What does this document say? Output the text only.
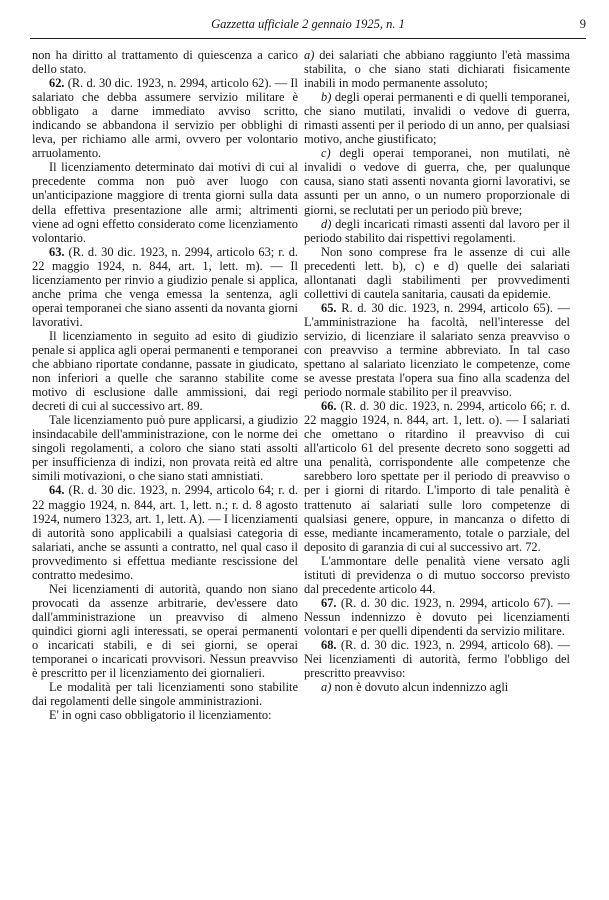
Gazzetta ufficiale 2 gennaio 1925, n. 1	9

non ha diritto al trattamento di quiescenza a carico dello stato.

62. (R. d. 30 dic. 1923, n. 2994, articolo 62). — Il salariato che debba assumere servizio militare è obbligato a darne immediato avviso scritto, indicando se abbandona il servizio per obblighi di leva, per richiamo alle armi, ovvero per volontario arruolamento.

Il licenziamento determinato dai motivi di cui al precedente comma non può aver luogo con un'anticipazione maggiore di trenta giorni sulla data della effettiva presentazione alle armi; altrimenti viene ad ogni effetto considerato come licenziamento volontario.

63. (R. d. 30 dic. 1923, n. 2994, articolo 63; r. d. 22 maggio 1924, n. 844, art. 1, lett. m). — Il licenziamento per rinvio a giudizio penale si applica, anche prima che venga emessa la sentenza, agli operai temporanei che siano assenti da novanta giorni lavorativi.

Il licenziamento in seguito ad esito di giudizio penale si applica agli operai permanenti e temporanei che abbiano riportate condanne, passate in giudicato, non inferiori a quelle che saranno stabilite come motivo di esclusione dalle ammissioni, dai regi decreti di cui al successivo art. 89.

Tale licenziamento può pure applicarsi, a giudizio insindacabile dell'amministrazione, con le norme dei singoli regolamenti, a coloro che siano stati assolti per insufficienza di indizi, non provata reità ed altre simili motivazioni, o che siano stati amnistiati.

64. (R. d. 30 dic. 1923, n. 2994, articolo 64; r. d. 22 maggio 1924, n. 844, art. 1, lett. n.; r. d. 8 agosto 1924, numero 1323, art. 1, lett. A). — I licenziamenti di autorità sono applicabili a qualsiasi categoria di salariati, anche se assunti a contratto, nel qual caso il provvedimento si effettua mediante rescissione del contratto medesimo.

Nei licenziamenti di autorità, quando non siano provocati da assenze arbitrarie, dev'essere dato dall'amministrazione un preavviso di almeno quindici giorni agli interessati, se operai permanenti o incaricati stabili, e di sei giorni, se operai temporanei o incaricati provvisori. Nessun preavviso è prescritto per il licenziamento dei giornalieri.

Le modalità per tali licenziamenti sono stabilite dai regolamenti delle singole amministrazioni.

E' in ogni caso obbligatorio il licenziamento:

a) dei salariati che abbiano raggiunto l'età massima stabilita, o che siano stati dichiarati fisicamente inabili in modo permanente assoluto;

b) degli operai permanenti e di quelli temporanei, che siano mutilati, invalidi o vedove di guerra, rimasti assenti per il periodo di un anno, per qualsiasi motivo, anche giustificato;

c) degli operai temporanei, non mutilati, nè invalidi o vedove di guerra, che, per qualunque causa, siano stati assenti novanta giorni lavorativi, se assunti per un anno, o un numero proporzionale di giorni, se reclutati per un periodo più breve;

d) degli incaricati rimasti assenti dal lavoro per il periodo stabilito dai rispettivi regolamenti.

Non sono comprese fra le assenze di cui alle precedenti lett. b), c) e d) quelle dei salariati allontanati dagli stabilimenti per provvedimenti collettivi di cautela sanitaria, causati da epidemie.

65. R. d. 30 dic. 1923, n. 2994, articolo 65). — L'amministrazione ha facoltà, nell'interesse del servizio, di licenziare il salariato senza preavviso o con preavviso a termine abbreviato. In tal caso spettano al salariato licenziato le competenze, come se avesse prestata l'opera sua fino alla scadenza del periodo normale stabilito per il preavviso.

66. (R. d. 30 dic. 1923, n. 2994, articolo 66; r. d. 22 maggio 1924, n. 844, art. 1, lett. o). — I salariati che omettano o ritardino il preavviso di cui all'articolo 61 del presente decreto sono soggetti ad una penalità, corrispondente alle competenze che sarebbero loro spettate per il periodo di preavviso o per i giorni di ritardo. L'importo di tale penalità è trattenuto ai salariati sulle loro competenze di qualsiasi genere, oppure, in mancanza o difetto di esse, mediante incameramento, totale o parziale, del deposito di garanzia di cui al successivo art. 72.

L'ammontare delle penalità viene versato agli istituti di previdenza o di mutuo soccorso previsto dal precedente articolo 44.

67. (R. d. 30 dic. 1923, n. 2994, articolo 67). — Nessun indennizzo è dovuto pei licenziamenti volontari e per quelli dipendenti da servizio militare.

68. (R. d. 30 dic. 1923, n. 2994, articolo 68). — Nei licenziamenti di autorità, fermo l'obbligo del prescritto preavviso:

a) non è dovuto alcun indennizzo agli
